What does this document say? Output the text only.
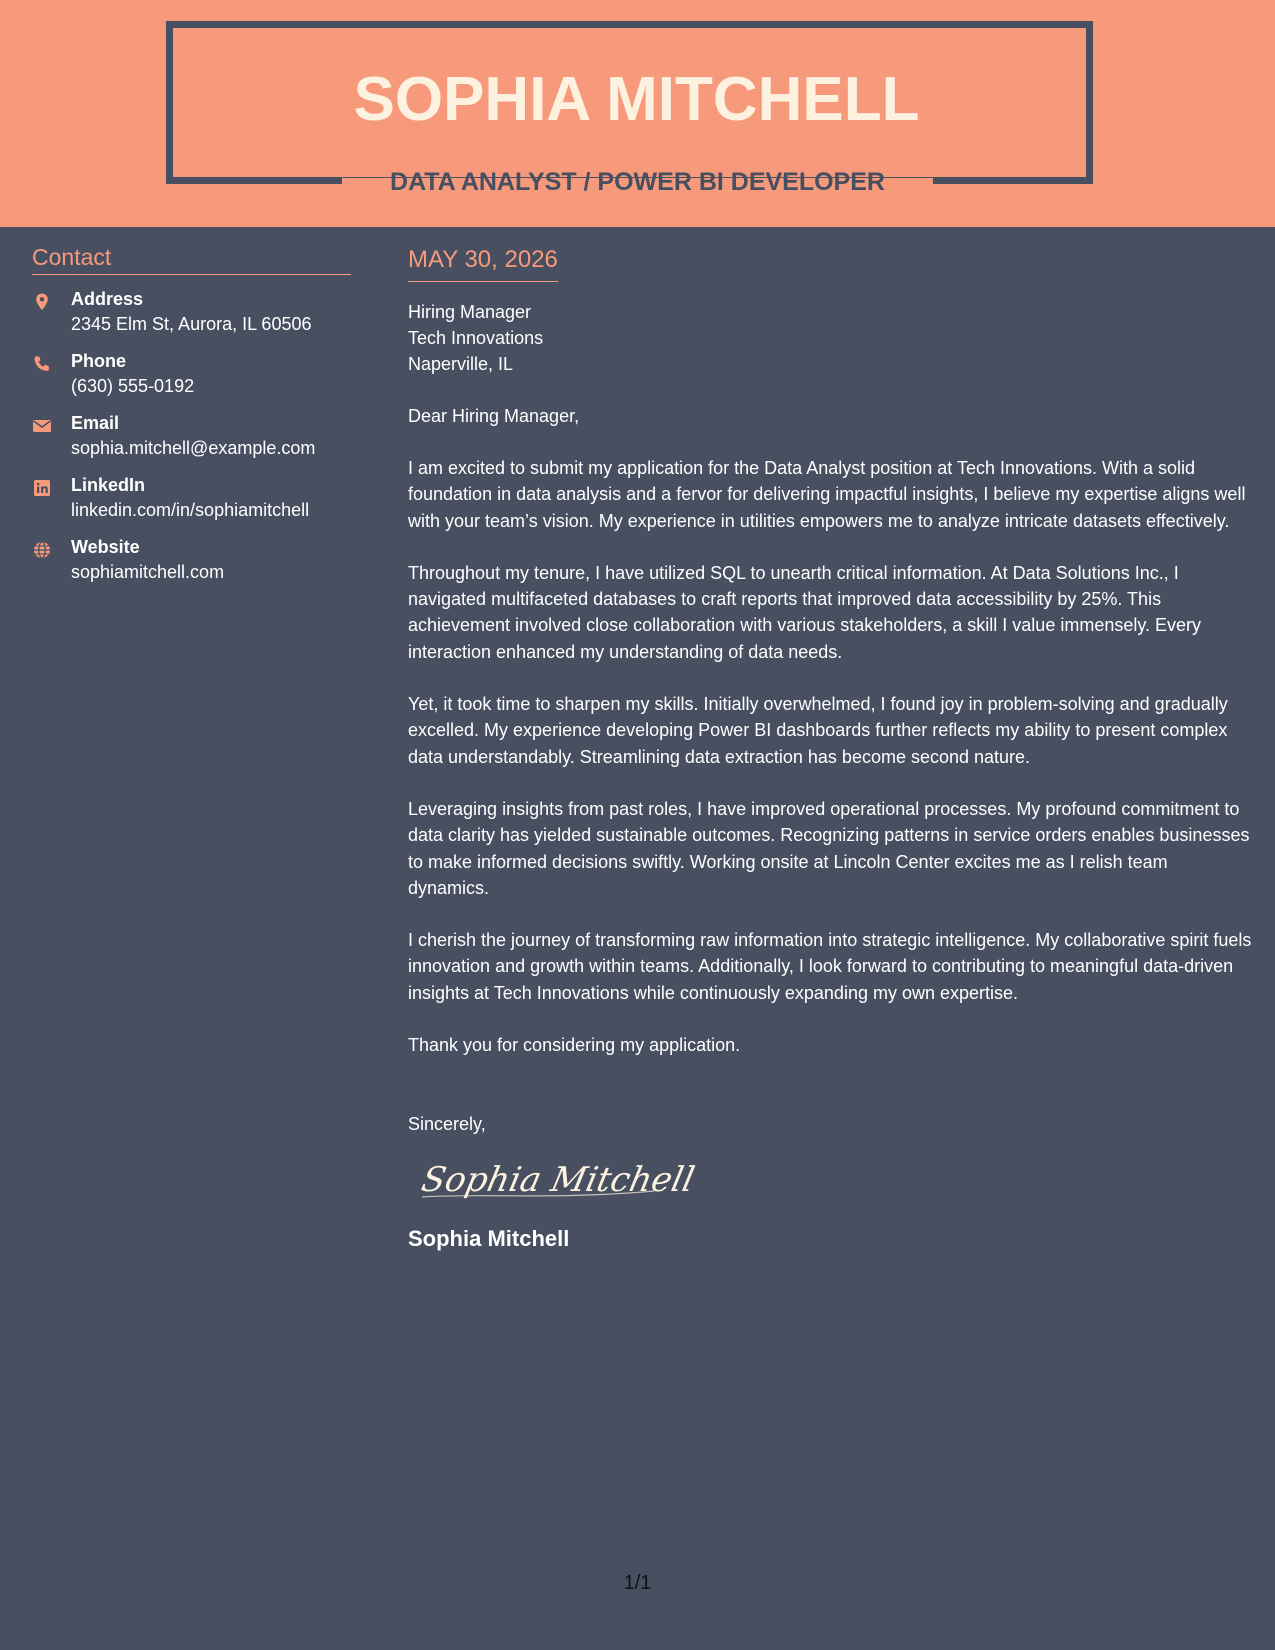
SOPHIA MITCHELL
DATA ANALYST / POWER BI DEVELOPER
Contact
Address
2345 Elm St, Aurora, IL 60506
Phone
(630) 555-0192
Email
sophia.mitchell@example.com
LinkedIn
linkedin.com/in/sophiamitchell
Website
sophiamitchell.com
MAY 30, 2026
Hiring Manager
Tech Innovations
Naperville, IL
Dear Hiring Manager,
I am excited to submit my application for the Data Analyst position at Tech Innovations. With a solid foundation in data analysis and a fervor for delivering impactful insights, I believe my expertise aligns well with your team’s vision. My experience in utilities empowers me to analyze intricate datasets effectively.
Throughout my tenure, I have utilized SQL to unearth critical information. At Data Solutions Inc., I navigated multifaceted databases to craft reports that improved data accessibility by 25%. This achievement involved close collaboration with various stakeholders, a skill I value immensely. Every interaction enhanced my understanding of data needs.
Yet, it took time to sharpen my skills. Initially overwhelmed, I found joy in problem-solving and gradually excelled. My experience developing Power BI dashboards further reflects my ability to present complex data understandably. Streamlining data extraction has become second nature.
Leveraging insights from past roles, I have improved operational processes. My profound commitment to data clarity has yielded sustainable outcomes. Recognizing patterns in service orders enables businesses to make informed decisions swiftly. Working onsite at Lincoln Center excites me as I relish team dynamics.
I cherish the journey of transforming raw information into strategic intelligence. My collaborative spirit fuels innovation and growth within teams. Additionally, I look forward to contributing to meaningful data-driven insights at Tech Innovations while continuously expanding my own expertise.
Thank you for considering my application.
Sincerely,
Sophia Mitchell
Sophia Mitchell
1/1
